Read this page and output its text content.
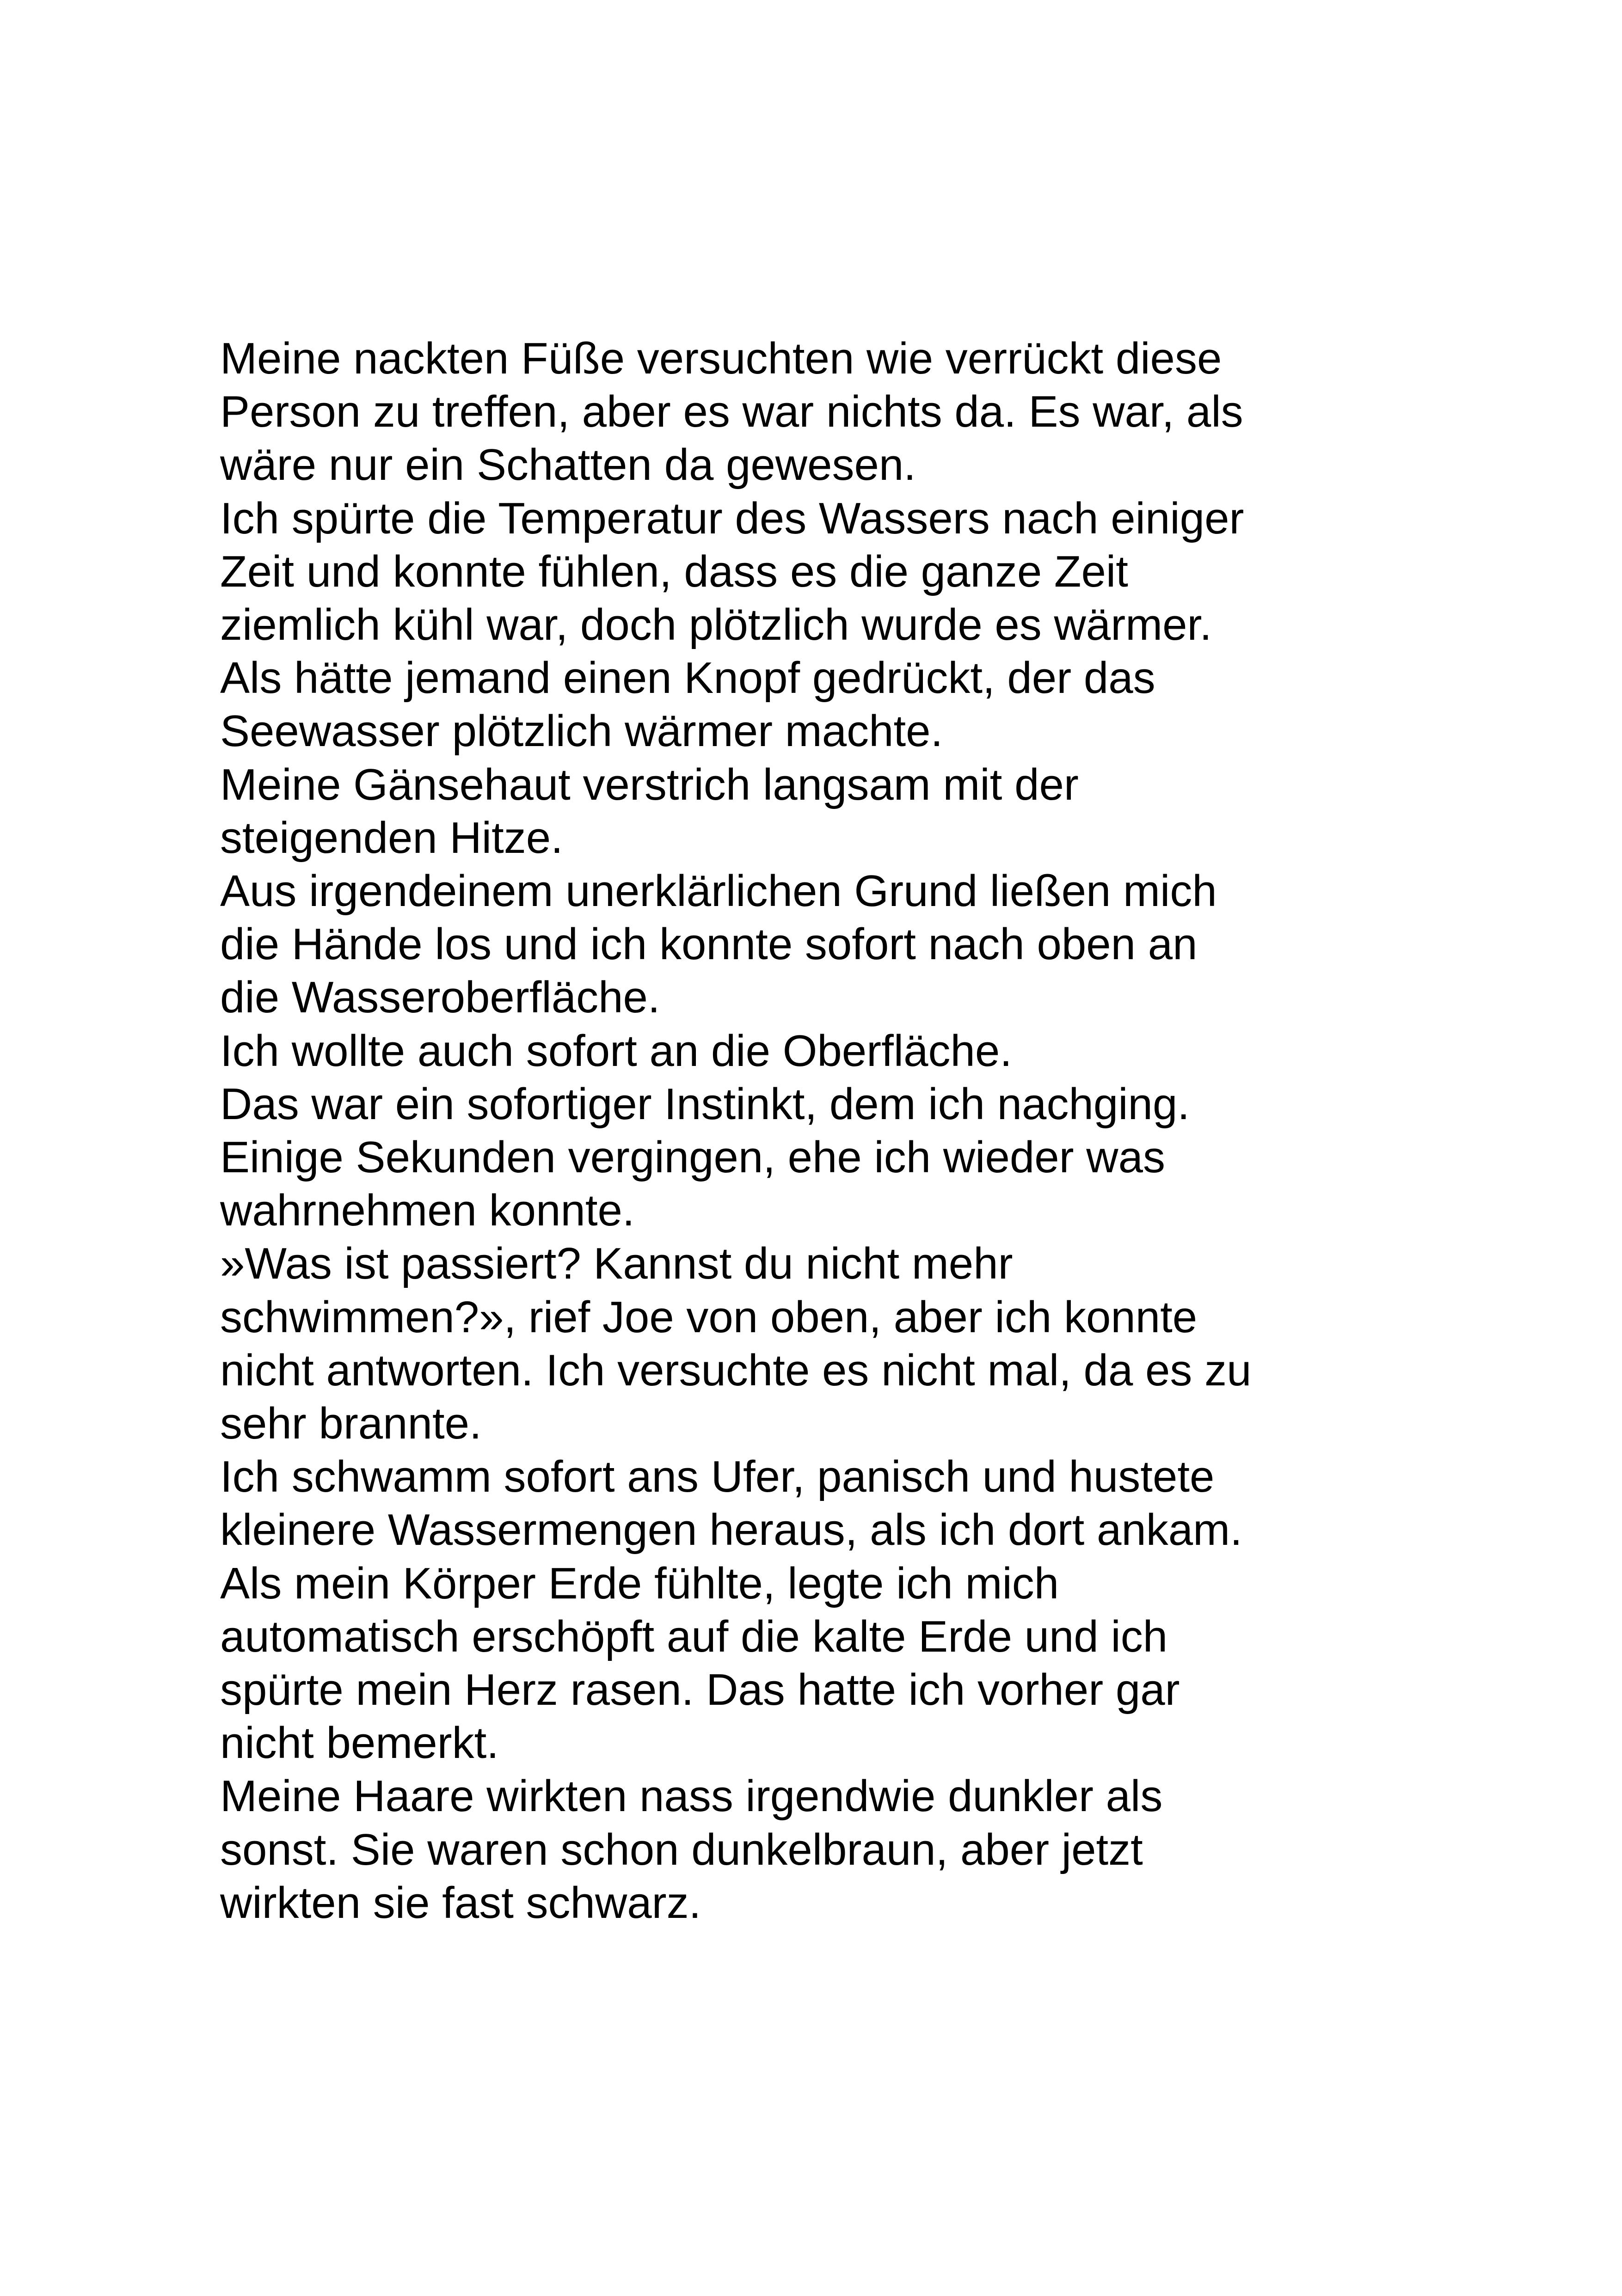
Meine nackten Füße versuchten wie verrückt diese
Person zu treffen, aber es war nichts da. Es war, als
wäre nur ein Schatten da gewesen.
Ich spürte die Temperatur des Wassers nach einiger
Zeit und konnte fühlen, dass es die ganze Zeit
ziemlich kühl war, doch plötzlich wurde es wärmer.
Als hätte jemand einen Knopf gedrückt, der das
Seewasser plötzlich wärmer machte.
Meine Gänsehaut verstrich langsam mit der
steigenden Hitze.
Aus irgendeinem unerklärlichen Grund ließen mich
die Hände los und ich konnte sofort nach oben an
die Wasseroberfläche.
Ich wollte auch sofort an die Oberfläche.
Das war ein sofortiger Instinkt, dem ich nachging.
Einige Sekunden vergingen, ehe ich wieder was
wahrnehmen konnte.
»Was ist passiert? Kannst du nicht mehr
schwimmen?», rief Joe von oben, aber ich konnte
nicht antworten. Ich versuchte es nicht mal, da es zu
sehr brannte.
Ich schwamm sofort ans Ufer, panisch und hustete
kleinere Wassermengen heraus, als ich dort ankam.
Als mein Körper Erde fühlte, legte ich mich
automatisch erschöpft auf die kalte Erde und ich
spürte mein Herz rasen. Das hatte ich vorher gar
nicht bemerkt.
Meine Haare wirkten nass irgendwie dunkler als
sonst. Sie waren schon dunkelbraun, aber jetzt
wirkten sie fast schwarz.
